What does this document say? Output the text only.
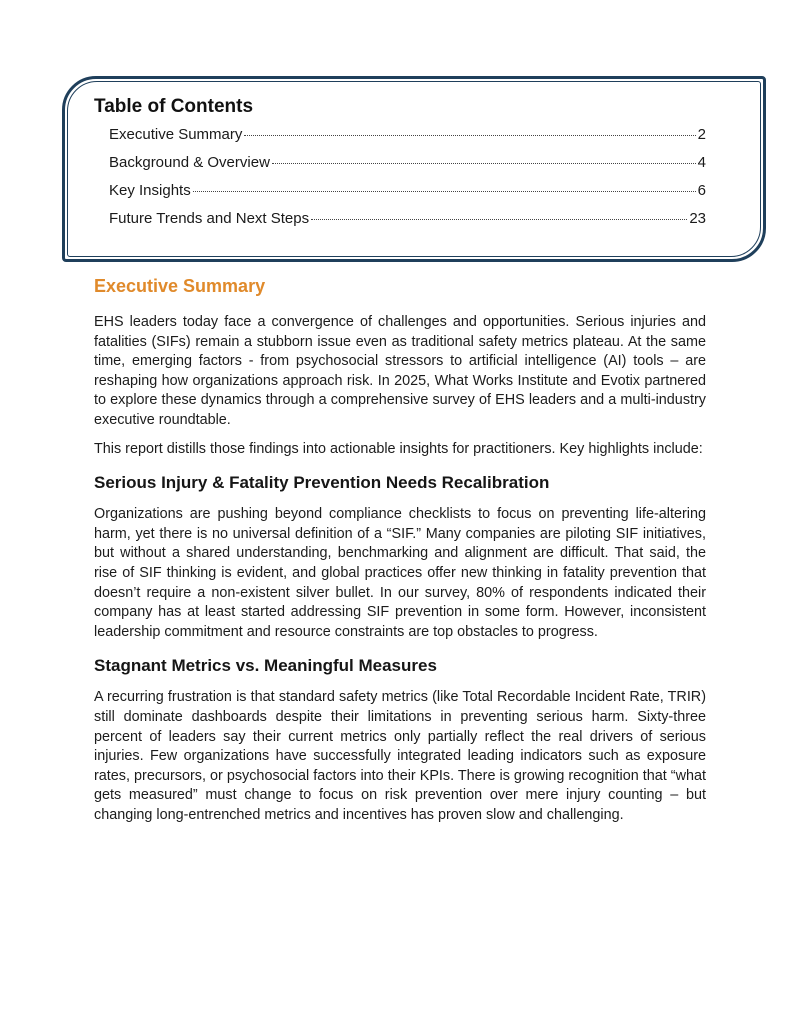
Table of Contents
Executive Summary	2
Background & Overview	4
Key Insights	6
Future Trends and Next Steps	23
Executive Summary

EHS leaders today face a convergence of challenges and opportunities. Serious injuries and fatalities (SIFs) remain a stubborn issue even as traditional safety metrics plateau. At the same time, emerging factors - from psychosocial stressors to artificial intelligence (AI) tools – are reshaping how organizations approach risk. In 2025, What Works Institute and Evotix partnered to explore these dynamics through a comprehensive survey of EHS leaders and a multi-industry executive roundtable.

This report distills those findings into actionable insights for practitioners. Key highlights include:

Serious Injury & Fatality Prevention Needs Recalibration

Organizations are pushing beyond compliance checklists to focus on preventing life-altering harm, yet there is no universal definition of a “SIF.” Many companies are piloting SIF initiatives, but without a shared understanding, benchmarking and alignment are difficult. That said, the rise of SIF thinking is evident, and global practices offer new thinking in fatality prevention that doesn’t require a non-existent silver bullet. In our survey, 80% of respondents indicated their company has at least started addressing SIF prevention in some form. However, inconsistent leadership commitment and resource constraints are top obstacles to progress.

Stagnant Metrics vs. Meaningful Measures

A recurring frustration is that standard safety metrics (like Total Recordable Incident Rate, TRIR) still dominate dashboards despite their limitations in preventing serious harm. Sixty-three percent of leaders say their current metrics only partially reflect the real drivers of serious injuries. Few organizations have successfully integrated leading indicators such as exposure rates, precursors, or psychosocial factors into their KPIs. There is growing recognition that “what gets measured” must change to focus on risk prevention over mere injury counting – but changing long-entrenched metrics and incentives has proven slow and challenging.
